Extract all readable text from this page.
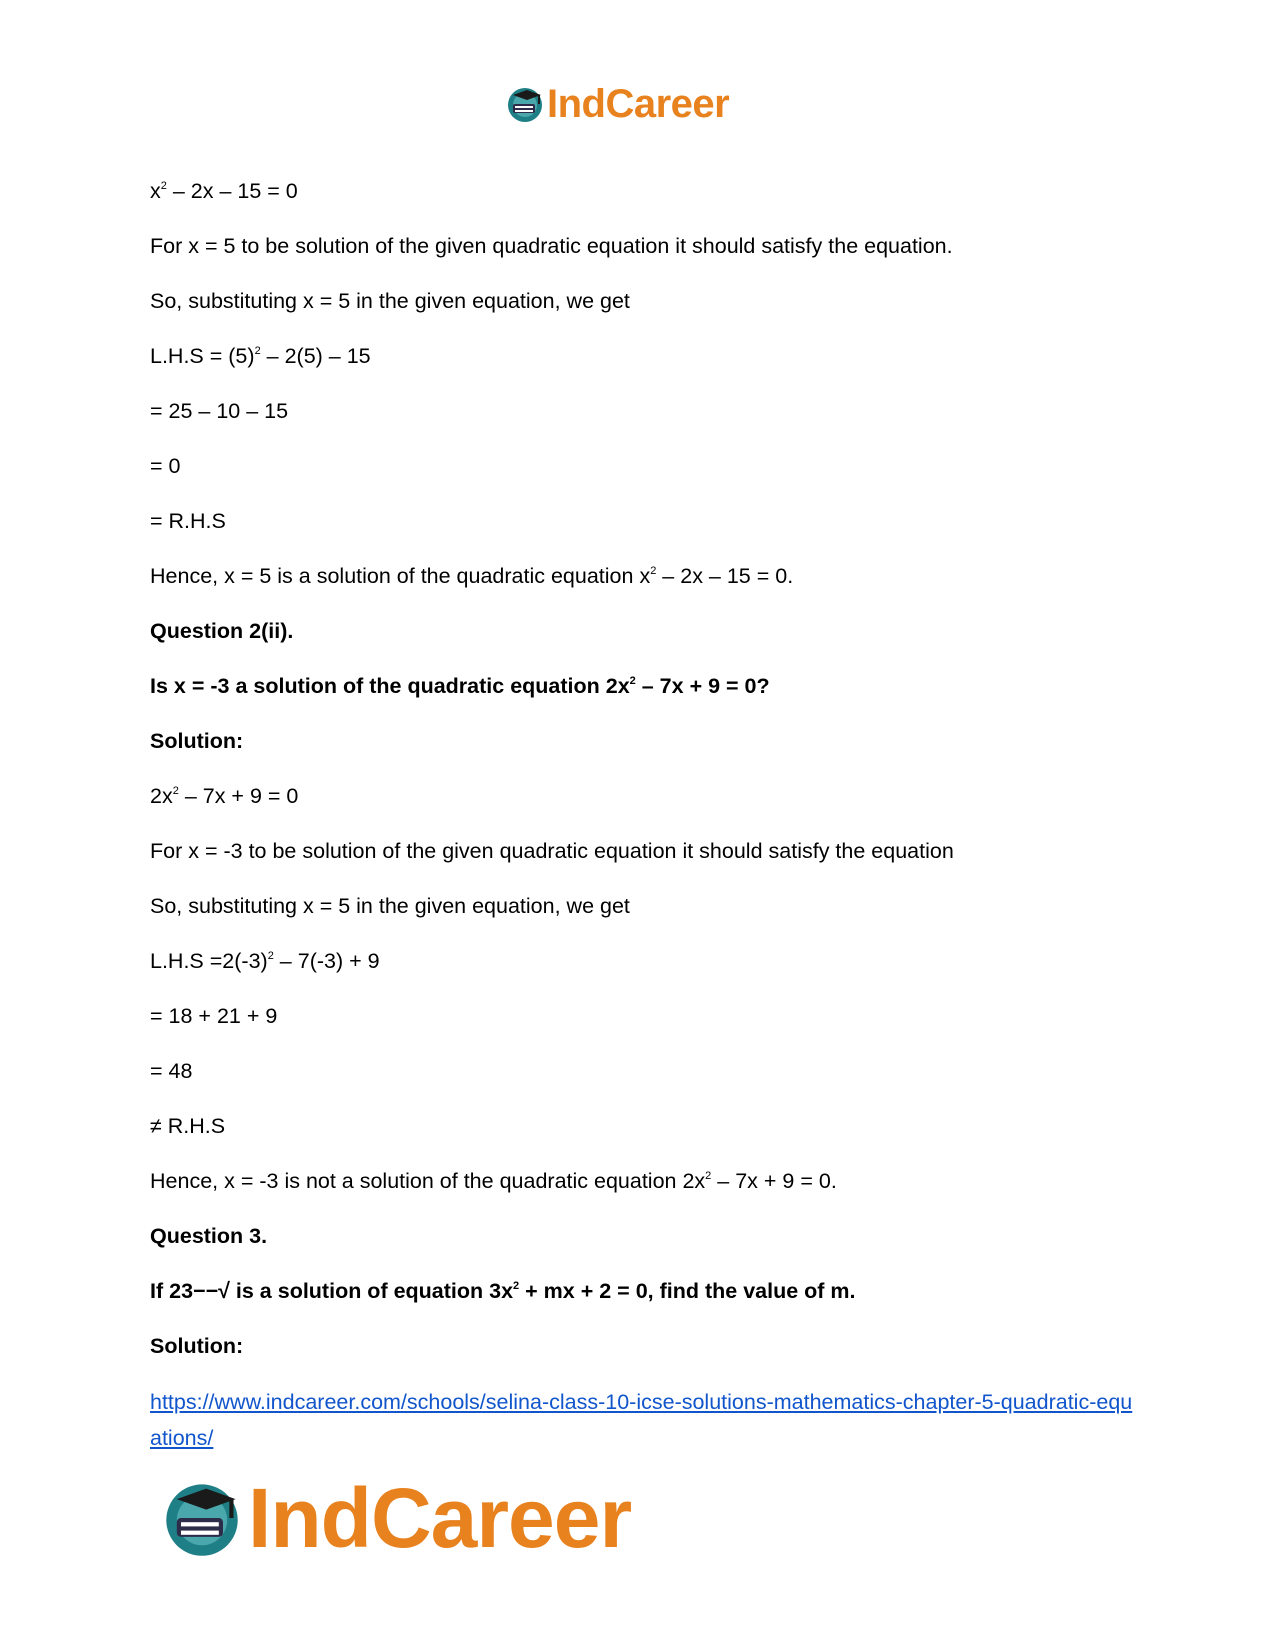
IndCareer
$x^2 - 2x - 15 = 0$
For x = 5 to be solution of the given quadratic equation it should satisfy the equation.
So, substituting x = 5 in the given equation, we get
$L.H.S = (5)^2 - 2(5) - 15$
= 25 – 10 – 15
= 0
= R.H.S
Hence, x = 5 is a solution of the quadratic equation $x^2 - 2x - 15 = 0$.
Question 2(ii).
Is x = -3 a solution of the quadratic equation $2x^2 - 7x + 9 = 0$?
Solution:
$2x^2 - 7x + 9 = 0$
For x = -3 to be solution of the given quadratic equation it should satisfy the equation
So, substituting x = 5 in the given equation, we get
$L.H.S =2(-3)^2 - 7(-3) + 9$
= 18 + 21 + 9
= 48
≠ R.H.S
Hence, x = -3 is not a solution of the quadratic equation $2x^2 - 7x + 9 = 0$.
Question 3.
If 23−−√ is a solution of equation $3x^2$ + mx + 2 = 0, find the value of m.
Solution:
https://www.indcareer.com/schools/selina-class-10-icse-solutions-mathematics-chapter-5-quadratic-equations/
IndCareer
